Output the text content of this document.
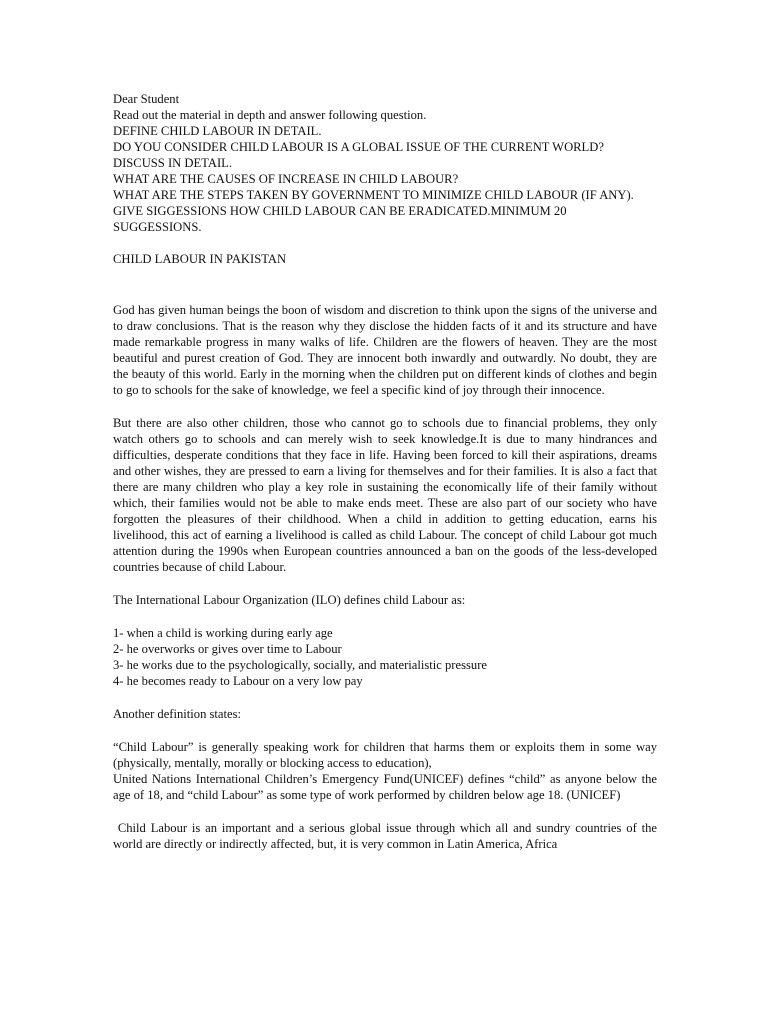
Dear Student

Read out the material in depth and answer following question.

DEFINE CHILD LABOUR IN DETAIL.

DO YOU CONSIDER CHILD LABOUR IS A GLOBAL ISSUE OF THE CURRENT WORLD? DISCUSS IN DETAIL.

WHAT ARE THE CAUSES OF INCREASE IN CHILD LABOUR?

WHAT ARE THE STEPS TAKEN BY GOVERNMENT TO MINIMIZE CHILD LABOUR (IF ANY).

GIVE SIGGESSIONS HOW CHILD LABOUR CAN BE ERADICATED.MINIMUM 20 SUGGESSIONS.

CHILD LABOUR IN PAKISTAN

God has given human beings the boon of wisdom and discretion to think upon the signs of the universe and to draw conclusions. That is the reason why they disclose the hidden facts of it and its structure and have made remarkable progress in many walks of life. Children are the flowers of heaven. They are the most beautiful and purest creation of God. They are innocent both inwardly and outwardly. No doubt, they are the beauty of this world. Early in the morning when the children put on different kinds of clothes and begin to go to schools for the sake of knowledge, we feel a specific kind of joy through their innocence.

But there are also other children, those who cannot go to schools due to financial problems, they only watch others go to schools and can merely wish to seek knowledge.It is due to many hindrances and difficulties, desperate conditions that they face in life. Having been forced to kill their aspirations, dreams and other wishes, they are pressed to earn a living for themselves and for their families. It is also a fact that there are many children who play a key role in sustaining the economically life of their family without which, their families would not be able to make ends meet. These are also part of our society who have forgotten the pleasures of their childhood. When a child in addition to getting education, earns his livelihood, this act of earning a livelihood is called as child Labour. The concept of child Labour got much attention during the 1990s when European countries announced a ban on the goods of the less-developed countries because of child Labour.

The International Labour Organization (ILO) defines child Labour as:

1- when a child is working during early age

2- he overworks or gives over time to Labour

3- he works due to the psychologically, socially, and materialistic pressure

4- he becomes ready to Labour on a very low pay

Another definition states:

“Child Labour” is generally speaking work for children that harms them or exploits them in some way (physically, mentally, morally or blocking access to education),

United Nations International Children’s Emergency Fund(UNICEF) defines “child” as anyone below the age of 18, and “child Labour” as some type of work performed by children below age 18. (UNICEF)

Child Labour is an important and a serious global issue through which all and sundry countries of the world are directly or indirectly affected, but, it is very common in Latin America, Africa
